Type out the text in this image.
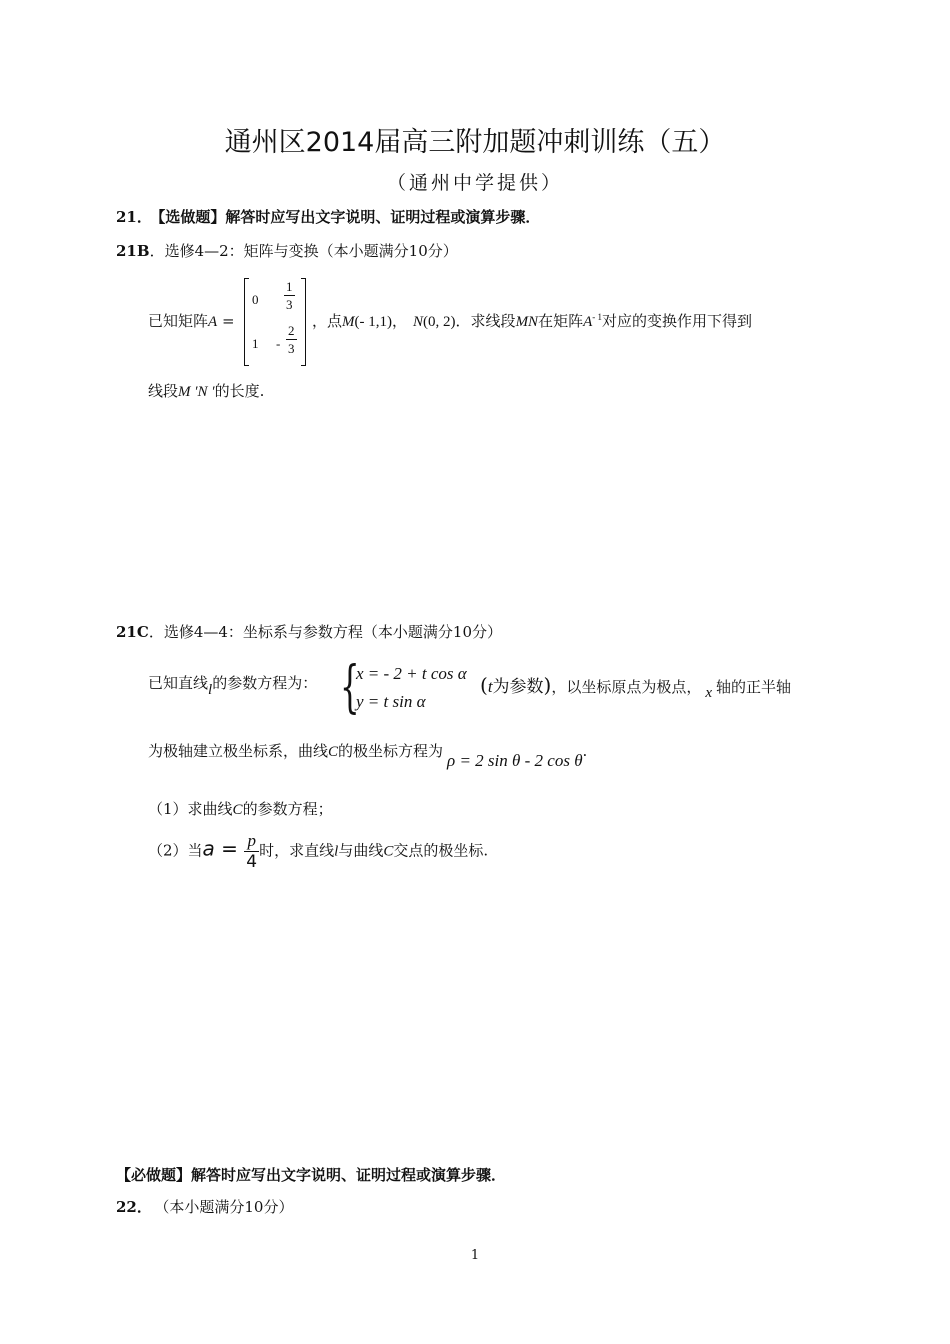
通州区2014届高三附加题冲刺训练（五）
（通州中学提供）
21． 【选做题】解答时应写出文字说明、证明过程或演算步骤．
21B．选修4—2：矩阵与变换（本小题满分10分）
已知矩阵A =
$0 \frac{1}{3}$
$1 - \frac{2}{3}$
，点M(- 1,1)， N(0, 2)．求线段MN在矩阵$A^{- 1}$对应的变换作用下得到
线段M ′N ′的长度.
21C．选修4—4：坐标系与参数方程（本小题满分10分）
已知直线l的参数方程为： {
x = - 2 + t cos α
y = t sin α
(t为参数)，以坐标原点为极点， x 轴的正半轴
为极轴建立极坐标系，曲线C的极坐标方程为 ρ = 2 sin θ - 2 cos θ.
（1）求曲线C的参数方程；
（2）当$a = \frac{p}{4}$ 时，求直线l与曲线C交点的极坐标.
【必做题】解答时应写出文字说明、证明过程或演算步骤．
22． （本小题满分10分）
1
